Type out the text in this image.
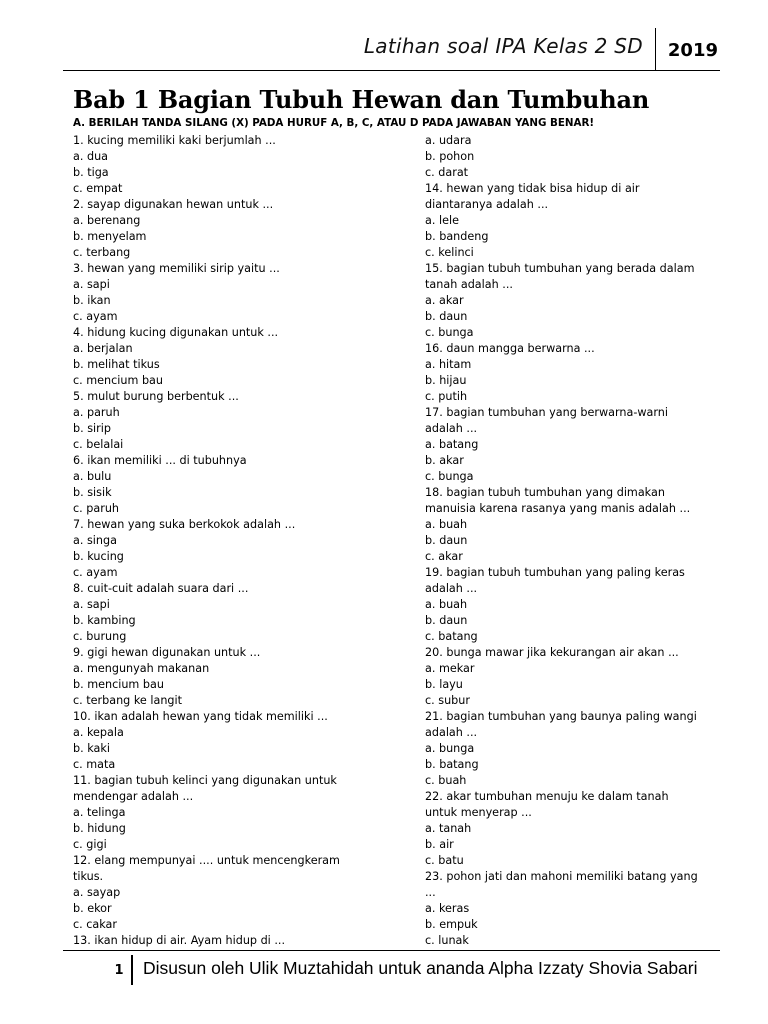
Latihan soal IPA Kelas 2 SD 2019
Bab 1 Bagian Tubuh Hewan dan Tumbuhan
A. BERILAH TANDA SILANG (X) PADA HURUF A, B, C, ATAU D PADA JAWABAN YANG BENAR!
1. kucing memiliki kaki berjumlah ...
a. dua
b. tiga
c. empat
2. sayap digunakan hewan untuk ...
a. berenang
b. menyelam
c. terbang
3. hewan yang memiliki sirip yaitu ...
a. sapi
b. ikan
c. ayam
4. hidung kucing digunakan untuk ...
a. berjalan
b. melihat tikus
c. mencium bau
5. mulut burung berbentuk ...
a. paruh
b. sirip
c. belalai
6. ikan memiliki ... di tubuhnya
a. bulu
b. sisik
c. paruh
7. hewan yang suka berkokok adalah ...
a. singa
b. kucing
c. ayam
8. cuit-cuit adalah suara dari ...
a. sapi
b. kambing
c. burung
9. gigi hewan digunakan untuk ...
a. mengunyah makanan
b. mencium bau
c. terbang ke langit
10. ikan adalah hewan yang tidak memiliki ...
a. kepala
b. kaki
c. mata
11. bagian tubuh kelinci yang digunakan untuk
mendengar adalah ...
a. telinga
b. hidung
c. gigi
12. elang mempunyai .... untuk mencengkeram
tikus.
a. sayap
b. ekor
c. cakar
13. ikan hidup di air. Ayam hidup di ...
a. udara
b. pohon
c. darat
14. hewan yang tidak bisa hidup di air
diantaranya adalah ...
a. lele
b. bandeng
c. kelinci
15. bagian tubuh tumbuhan yang berada dalam
tanah adalah ...
a. akar
b. daun
c. bunga
16. daun mangga berwarna ...
a. hitam
b. hijau
c. putih
17. bagian tumbuhan yang berwarna-warni
adalah ...
a. batang
b. akar
c. bunga
18. bagian tubuh tumbuhan yang dimakan
manuisia karena rasanya yang manis adalah ...
a. buah
b. daun
c. akar
19. bagian tubuh tumbuhan yang paling keras
adalah ...
a. buah
b. daun
c. batang
20. bunga mawar jika kekurangan air akan ...
a. mekar
b. layu
c. subur
21. bagian tumbuhan yang baunya paling wangi
adalah ...
a. bunga
b. batang
c. buah
22. akar tumbuhan menuju ke dalam tanah
untuk menyerap ...
a. tanah
b. air
c. batu
23. pohon jati dan mahoni memiliki batang yang
...
a. keras
b. empuk
c. lunak
1 Disusun oleh Ulik Muztahidah untuk ananda Alpha Izzaty Shovia Sabari
